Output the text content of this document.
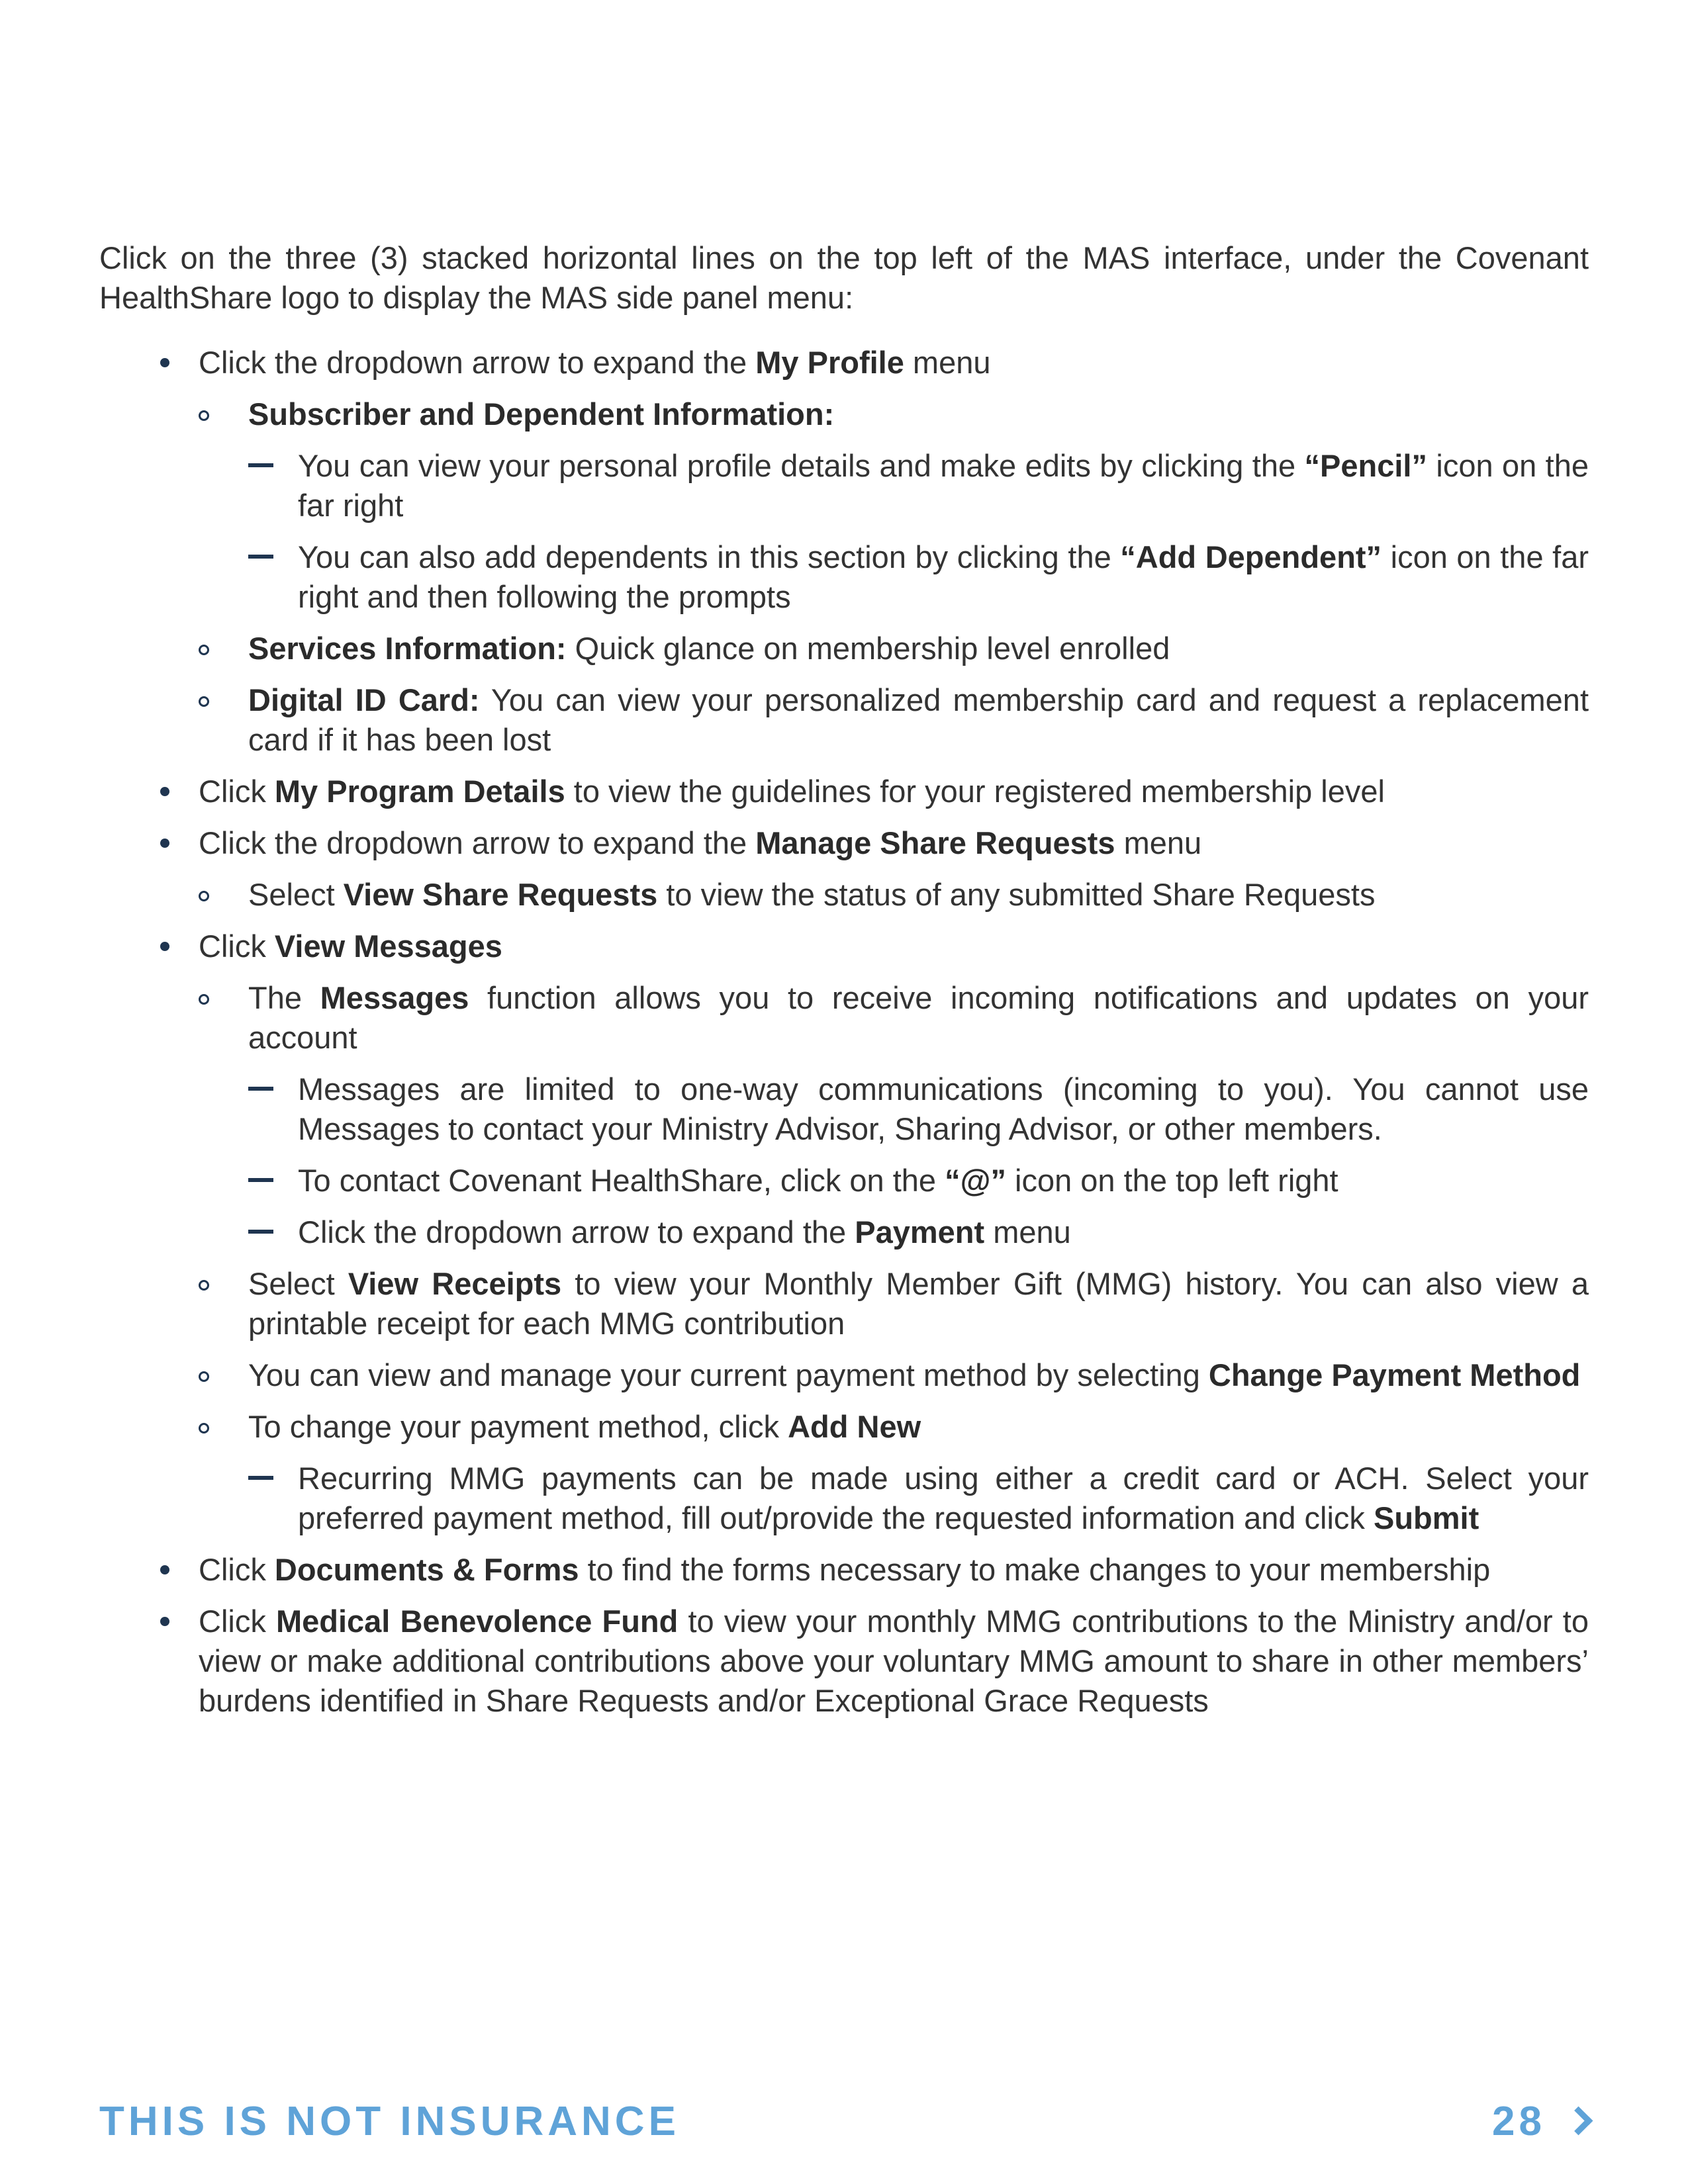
Click on the three (3) stacked horizontal lines on the top left of the MAS interface, under the Covenant HealthShare logo to display the MAS side panel menu:

Click the dropdown arrow to expand the My Profile menu
Subscriber and Dependent Information:
You can view your personal profile details and make edits by clicking the “Pencil” icon on the far right
You can also add dependents in this section by clicking the “Add Dependent” icon on the far right and then following the prompts
Services Information: Quick glance on membership level enrolled
Digital ID Card: You can view your personalized membership card and request a replacement card if it has been lost
Click My Program Details to view the guidelines for your registered membership level
Click the dropdown arrow to expand the Manage Share Requests menu
Select View Share Requests to view the status of any submitted Share Requests
Click View Messages
The Messages function allows you to receive incoming notifications and updates on your account
Messages are limited to one-way communications (incoming to you). You cannot use Messages to contact your Ministry Advisor, Sharing Advisor, or other members.
To contact Covenant HealthShare, click on the “@” icon on the top left right
Click the dropdown arrow to expand the Payment menu
Select View Receipts to view your Monthly Member Gift (MMG) history. You can also view a printable receipt for each MMG contribution
You can view and manage your current payment method by selecting Change Payment Method
To change your payment method, click Add New
Recurring MMG payments can be made using either a credit card or ACH. Select your preferred payment method, fill out/provide the requested information and click Submit
Click Documents & Forms to find the forms necessary to make changes to your membership
Click Medical Benevolence Fund to view your monthly MMG contributions to the Ministry and/or to view or make additional contributions above your voluntary MMG amount to share in other members’ burdens identified in Share Requests and/or Exceptional Grace Requests
THIS IS NOT INSURANCE	28
